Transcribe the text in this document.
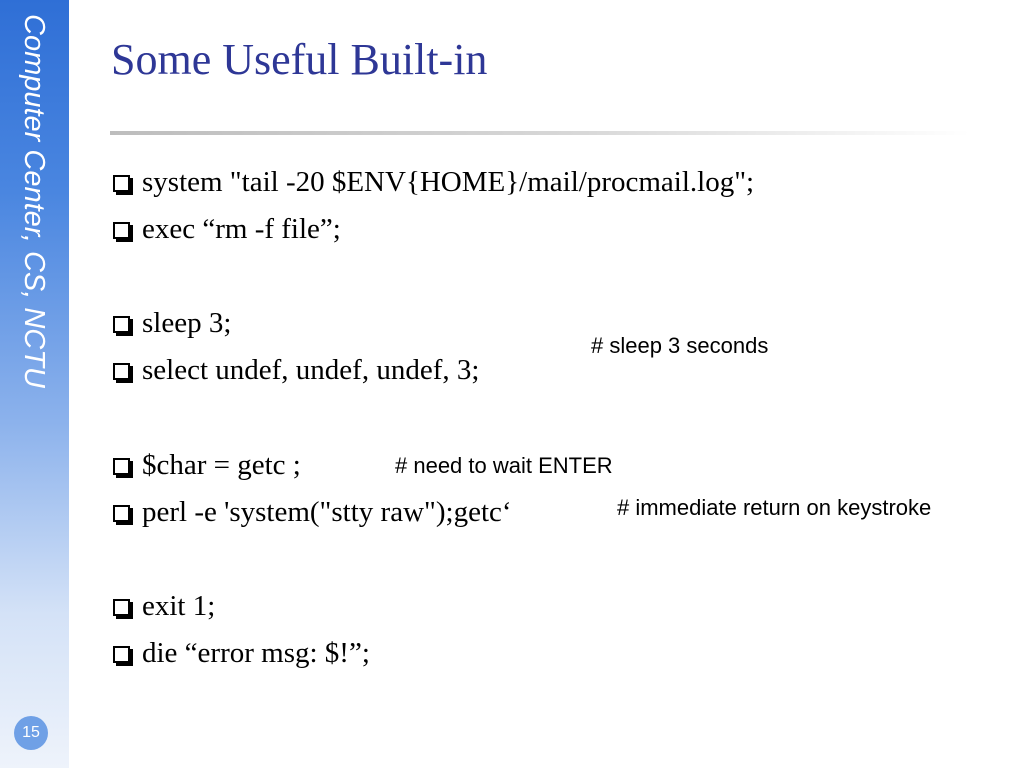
Computer Center, CS, NCTU
15
Some Useful Built-in
system "tail -20 $ENV{HOME}/mail/procmail.log";
exec “rm -f file”;
sleep 3;
select undef, undef, undef, 3;
$char = getc ;
perl -e 'system("stty raw");getc‘
exit 1;
die “error msg: $!”;
# sleep 3 seconds
# need to wait ENTER
# immediate return on keystroke
